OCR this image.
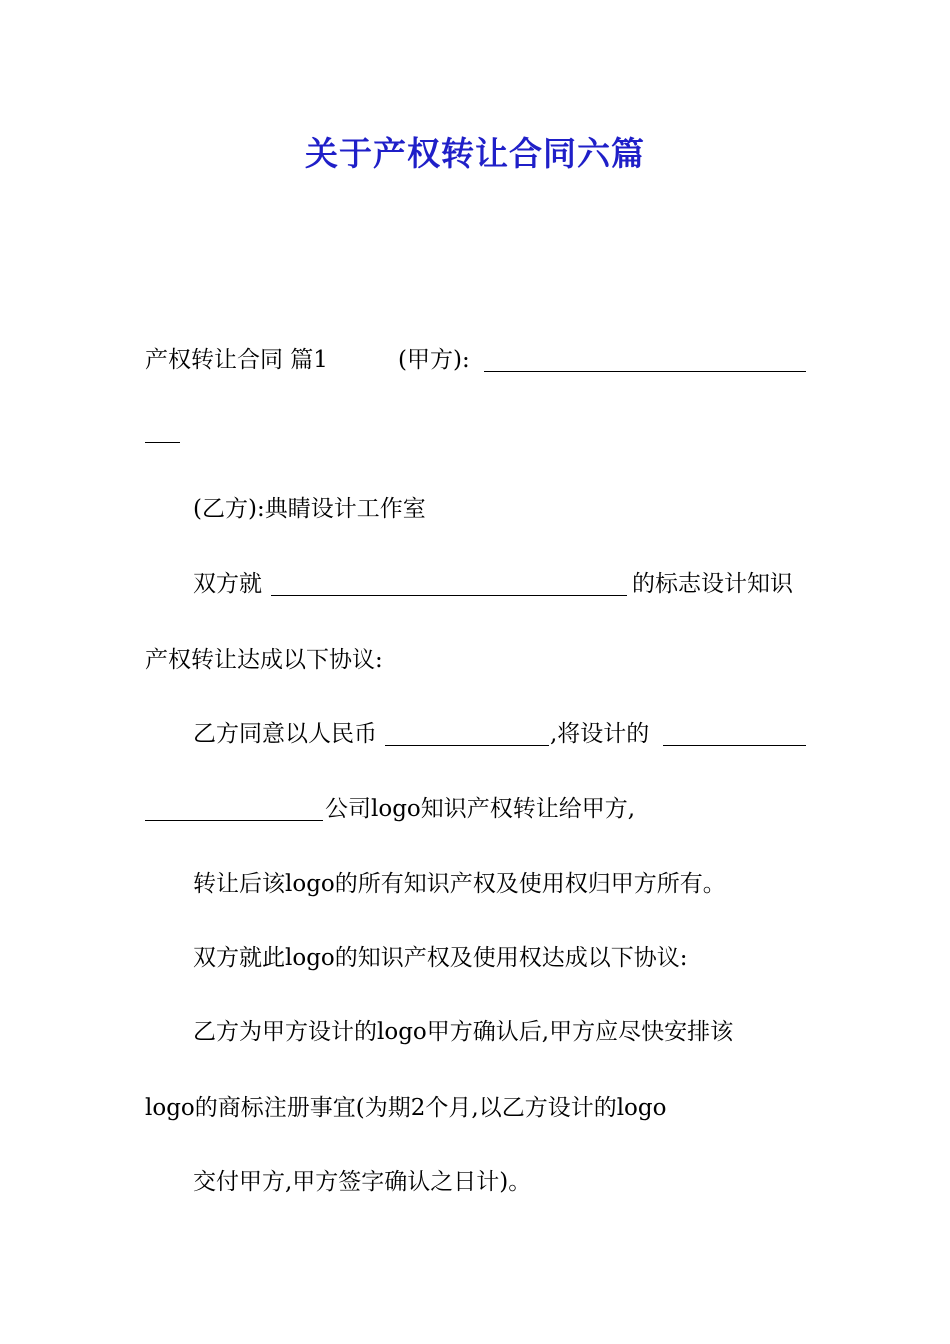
关于产权转让合同六篇
产权转让合同 篇1	(甲方):
(乙方):典睛设计工作室
双方就	的标志设计知识
产权转让达成以下协议:
乙方同意以人民币	,将设计的
公司logo知识产权转让给甲方,
转让后该logo的所有知识产权及使用权归甲方所有。
双方就此logo的知识产权及使用权达成以下协议:
乙方为甲方设计的logo甲方确认后,甲方应尽快安排该
logo的商标注册事宜(为期2个月,以乙方设计的logo
交付甲方,甲方签字确认之日计)。
